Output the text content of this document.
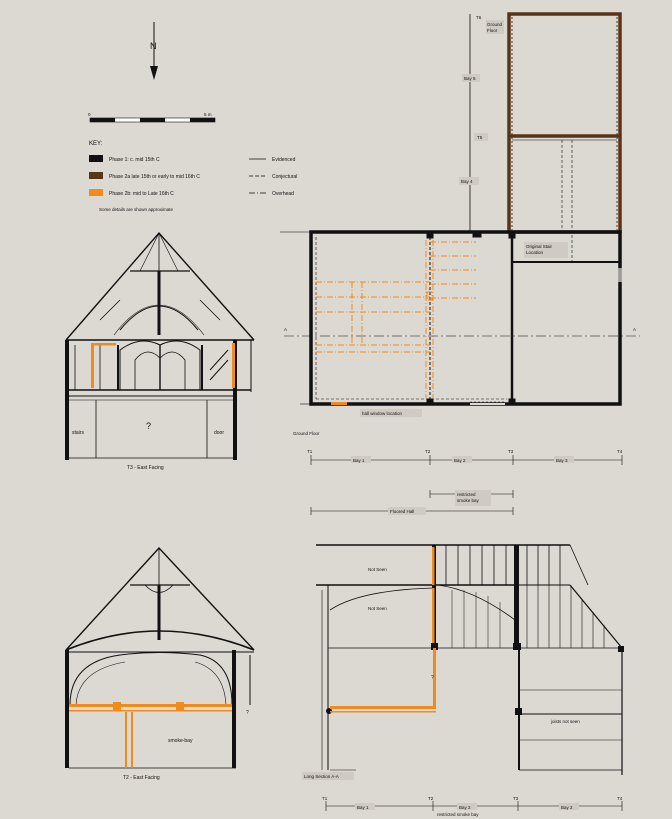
N
0	5 m
KEY:
Phase 1: c. mid 15th C
Phase 2a late 15th or early to mid 16th C
Phase 2b: mid to Late 16th C
Evidenced
Conjectural
Overhead
Some details are shown approximate
stairs	door
?
T3 - East Facing
smoke-bay
?
T2 - East Facing
T6
Ground Floor
Bay 5
T5
Bay 4
A	A
Original Stair Location
hall window location
Ground Floor
T1	T2	T3	T4
Bay 1	Bay 2	Bay 3
restricted smoke bay
Floored Hall
Not Seen
Not Seen
?
joists not seen
Long Section A-A
T1	T2	T3	T4
Bay 1	Bay 2	Bay 2
restricted smoke bay
